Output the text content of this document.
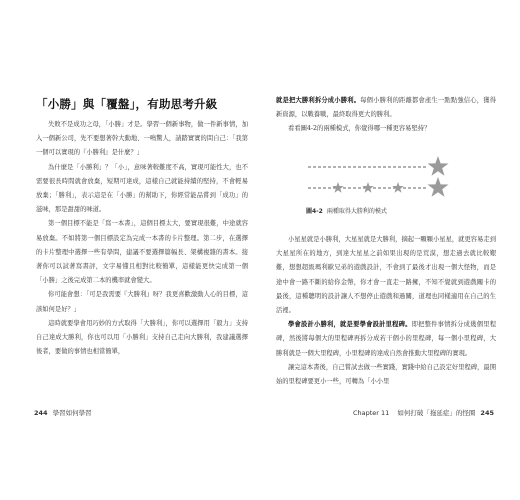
「小勝」與「覆盤」，有助思考升級

失敗不是成功之母，「小勝」才是。學習一個新事物，做一件新事情，加入一個新公司，先不要想著幹大動地、一鳴驚人，請踏實實的問自己：「我第一個可以實現的『小勝利』是什麼？」

為什麼是「小勝利」？「小」，意味著較難度不高，實現可能性大，也不需要很長時間就會放棄，短期可達成，這樣自己就能持續的堅持，不會輕易放棄；「勝利」，表示這是在「小勝」的幫助下，你經常能品嘗到「成功」的滋味，那是甜甜的味道。

第一個目標不能是「寫一本書」，這個目標太大，要實現很難，中途就容易放棄。不如將第一個目標設定為完成一本書的卡片整理。第二步，在選擇的卡片整理中選擇一些有學問，建議不要選擇篇幅長、架構複雜的書本。接著你可以試著寫書評，文字易懂且相對比較簡單，這樣能更快完成第一個「小勝」之後完成第二本的機率就會變大。

你可能會想：「可是我需要『大勝利』呀？我更喜歡激動人心的目標，這該如何是好？」

這時就要學會用巧妙的方式取得「大勝利」，你可以選擇用「毅力」支持自己達成大勝利，你也可以用「小勝利」支持自己走向大勝利，我建議選擇後者，要做的事情也相當簡單，

244 學習如何學習

就是把大勝利拆分成小勝利。每個小勝利的距離都會產生一點點強信心，獲得新資源，以戰養戰，最終取得更大的勝利。

看看圖4-2的兩種模式，你覺得哪一種更容易堅持？

圖4-2 兩種取得大勝利的模式

小星星就是小勝利，大星星就是大勝利，摘起一顆顆小星星，就更容易走到大星星所在的地方，到達大星星之前如果出現的是荒漠，想走過去就比較艱難，想想超級瑪利歐兄弟的遊戲設計，不會到了最後才出現一個大怪物，而是途中會一路不斷的給你金幣，你才會一直走一路擁，不知不覺就到遊戲關卡的最後，這種聰明的設計讓人不想停止遊戲和過關，道理也同樣適用在自己的生活裡。

學會設計小勝利，就是要學會設計里程碑。即把整件事情拆分成幾個里程碑，然後將每個大的里程碑再拆分成若干個小的里程碑，每一個小里程碑，大勝利就是一個大里程碑，小里程碑的達成自然會推動大里程碑的實現。

讓完這本書後，自己嘗試去做一些實踐，實踐中給自己設定好里程碑，最開始的里程碑要更小一些，可轉為「小小里

Chapter 11 如何打破「拖延症」的怪圈 245
